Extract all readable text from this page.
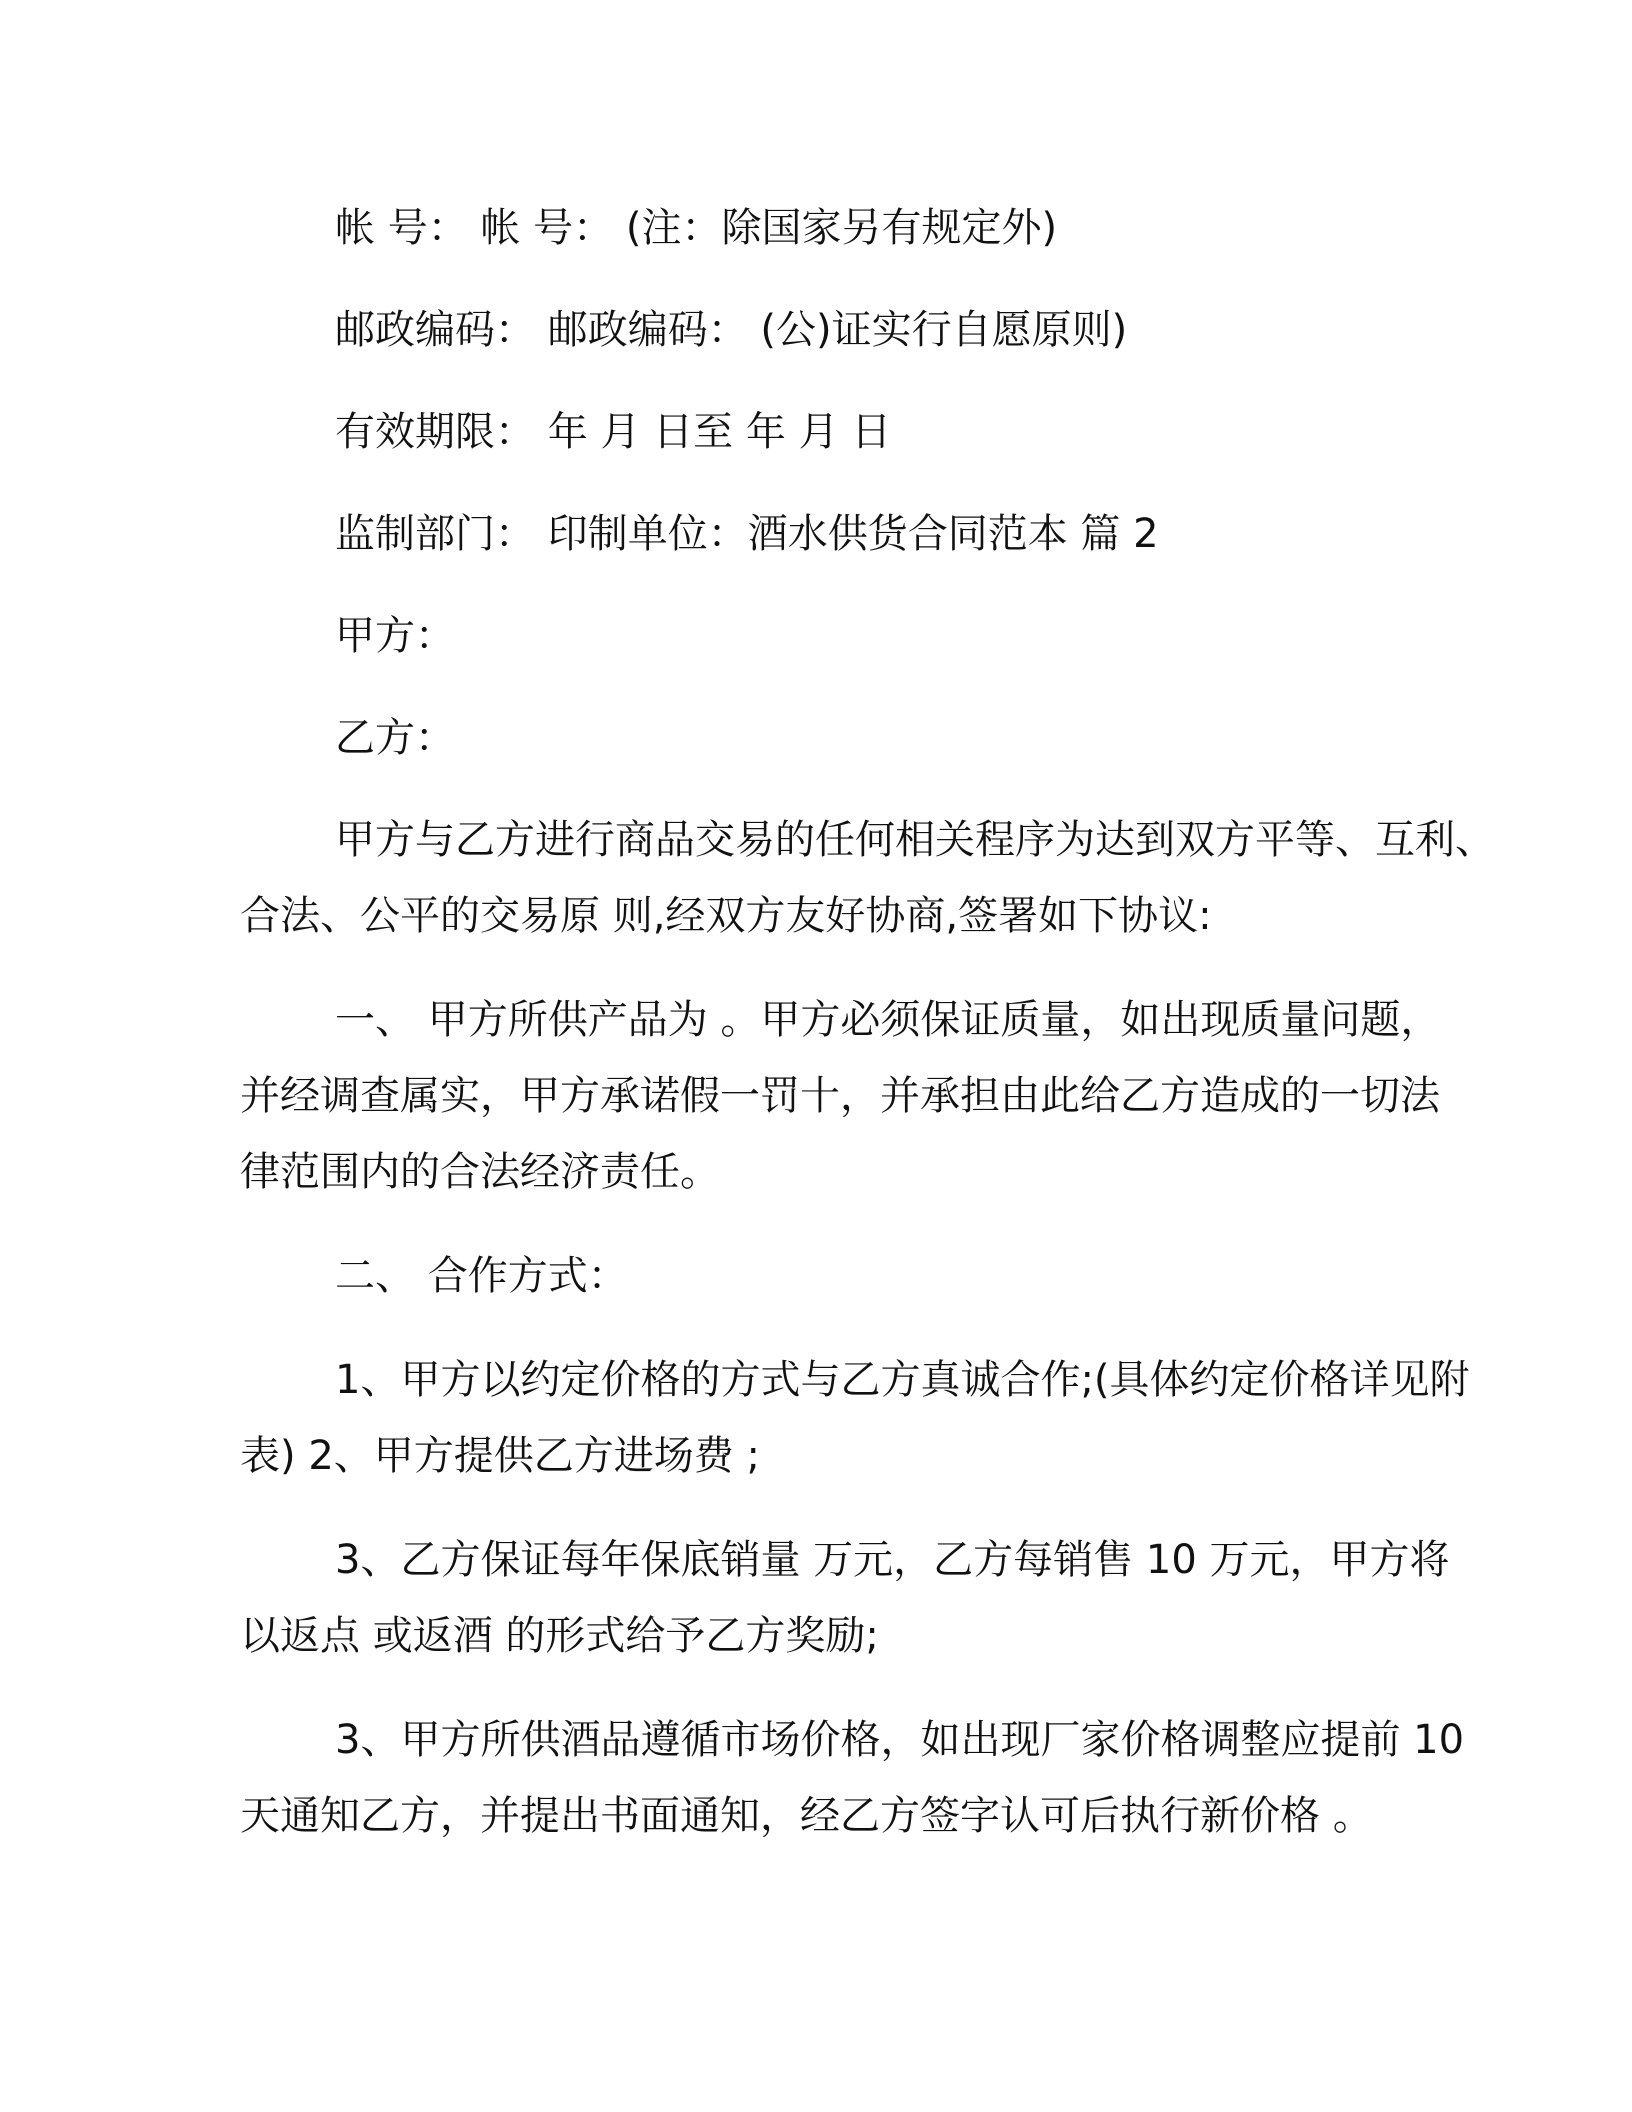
帐 号： 帐 号： (注：除国家另有规定外)

邮政编码： 邮政编码： (公)证实行自愿原则)

有效期限： 年 月 日至 年 月 日

监制部门： 印制单位：酒水供货合同范本 篇 2

甲方：

乙方：

甲方与乙方进行商品交易的任何相关程序为达到双方平等、互利、
合法、公平的交易原 则,经双方友好协商,签署如下协议:
一、 甲方所供产品为 。甲方必须保证质量，如出现质量问题，
并经调查属实，甲方承诺假一罚十，并承担由此给乙方造成的一切法
律范围内的合法经济责任。

二、 合作方式：

1、甲方以约定价格的方式与乙方真诚合作;(具体约定价格详见附
表) 2、甲方提供乙方进场费 ;
3、乙方保证每年保底销量 万元，乙方每销售 10 万元，甲方将
以返点 或返酒 的形式给予乙方奖励;
3、甲方所供酒品遵循市场价格，如出现厂家价格调整应提前 10
天通知乙方，并提出书面通知，经乙方签字认可后执行新价格 。
